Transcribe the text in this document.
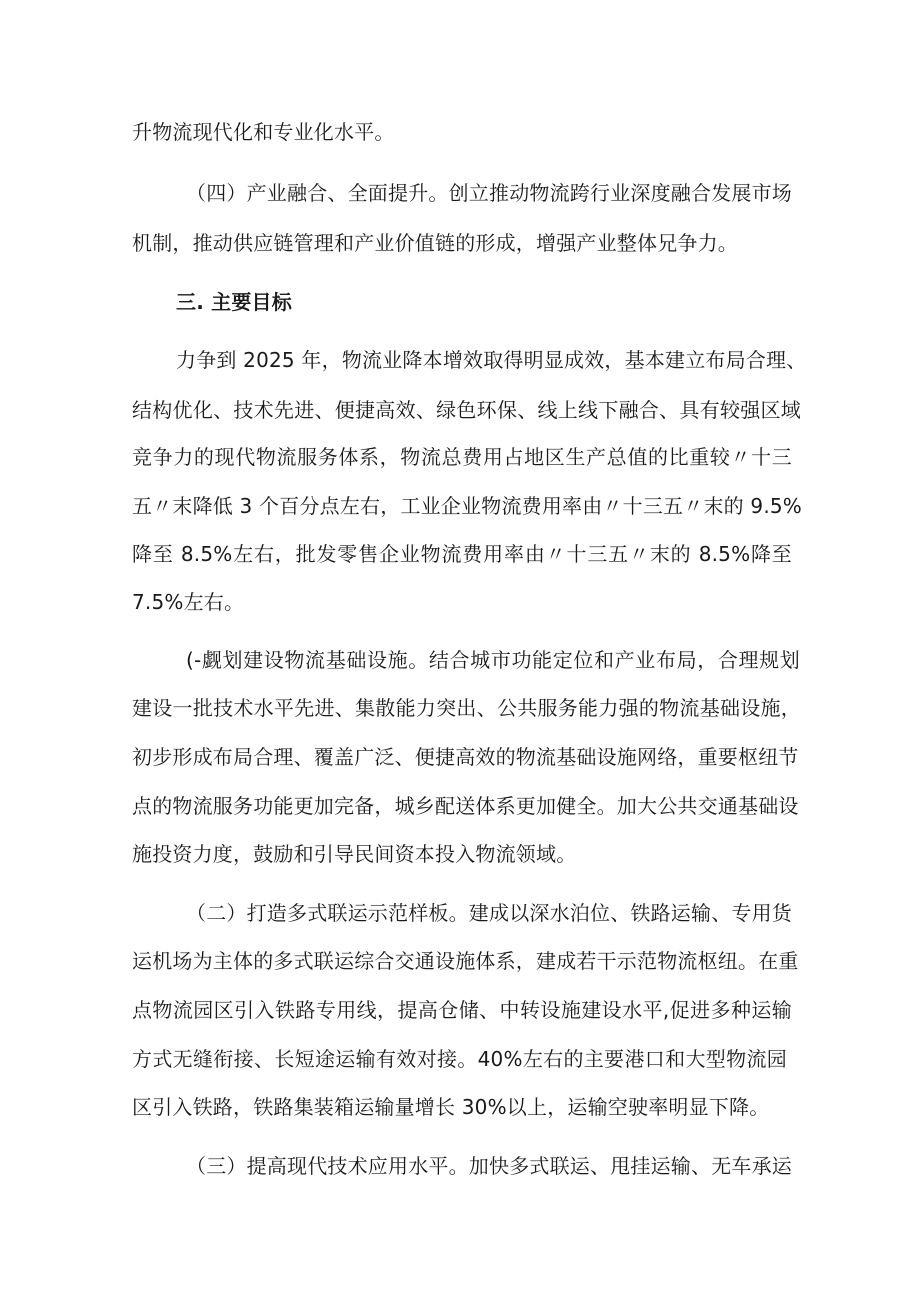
升物流现代化和专业化水平。
（四）产业融合、全面提升。创立推动物流跨行业深度融合发展市场
机制，推动供应链管理和产业价值链的形成，增强产业整体兄争力。
三. 主要目标
力争到 2025 年，物流业降本增效取得明显成效，基本建立布局合理、
结构优化、技术先进、便捷高效、绿色环保、线上线下融合、具有较强区域
竞争力的现代物流服务体系，物流总费用占地区生产总值的比重较〃十三
五〃末降低 3 个百分点左右，工业企业物流费用率由〃十三五〃末的 9.5%
降至 8.5%左右，批发零售企业物流费用率由〃十三五〃末的 8.5%降至
7.5%左右。
(-觑划建设物流基础设施。结合城市功能定位和产业布局，合理规划
建设一批技术水平先进、集散能力突出、公共服务能力强的物流基础设施，
初步形成布局合理、覆盖广泛、便捷高效的物流基础设施网络，重要枢纽节
点的物流服务功能更加完备，城乡配送体系更加健全。加大公共交通基础设
施投资力度，鼓励和引导民间资本投入物流领域。
（二）打造多式联运示范样板。建成以深水泊位、铁路运输、专用货
运机场为主体的多式联运综合交通设施体系，建成若干示范物流枢纽。在重
点物流园区引入铁路专用线，提高仓储、中转设施建设水平,促进多种运输
方式无缝衔接、长短途运输有效对接。40%左右的主要港口和大型物流园
区引入铁路，铁路集装箱运输量增长 30%以上，运输空驶率明显下降。
（三）提高现代技术应用水平。加快多式联运、甩挂运输、无车承运
